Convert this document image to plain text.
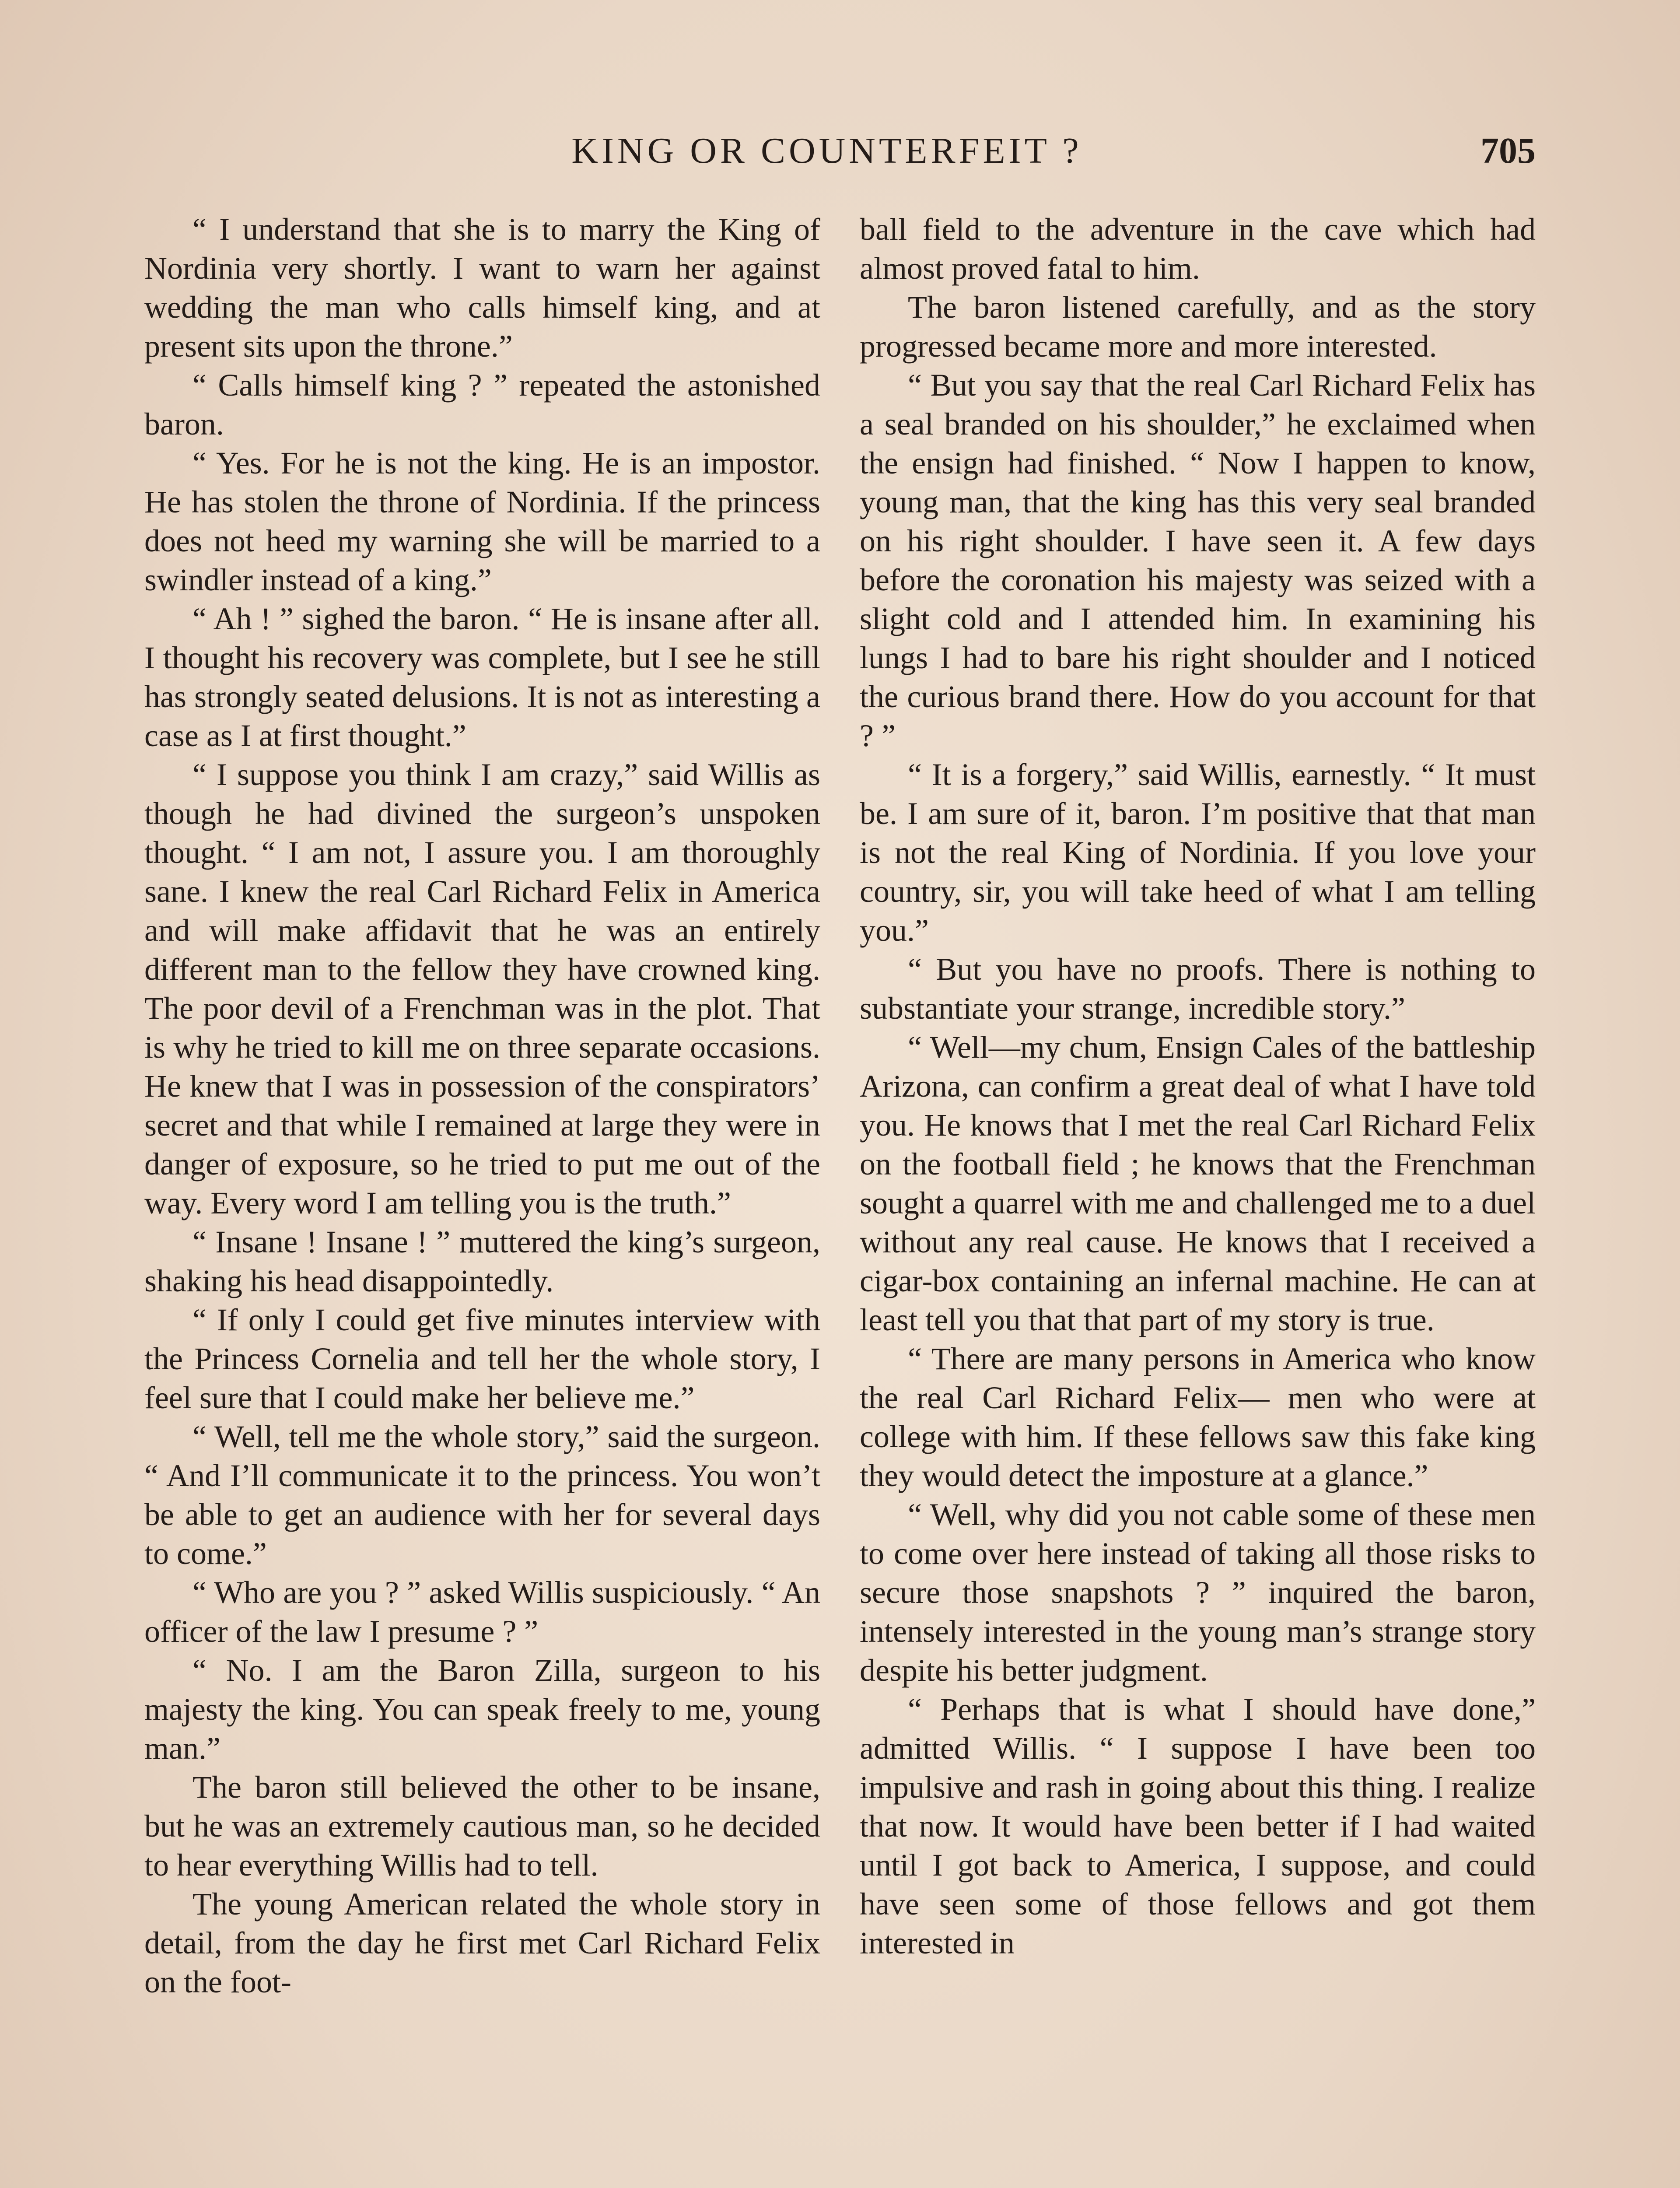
KING OR COUNTERFEIT ?	705

“ I understand that she is to marry the King of Nordinia very shortly. I want to warn her against wedding the man who calls himself king, and at present sits upon the throne.”

“ Calls himself king ? ” repeated the astonished baron.

“ Yes. For he is not the king. He is an impostor. He has stolen the throne of Nordinia. If the princess does not heed my warning she will be married to a swindler instead of a king.”

“ Ah ! ” sighed the baron. “ He is insane after all. I thought his recovery was complete, but I see he still has strongly seated delusions. It is not as interesting a case as I at first thought.”

“ I suppose you think I am crazy,” said Willis as though he had divined the surgeon’s unspoken thought. “ I am not, I assure you. I am thoroughly sane. I knew the real Carl Richard Felix in America and will make affidavit that he was an entirely different man to the fellow they have crowned king. The poor devil of a Frenchman was in the plot. That is why he tried to kill me on three separate occasions. He knew that I was in possession of the conspirators’ secret and that while I remained at large they were in danger of exposure, so he tried to put me out of the way. Every word I am telling you is the truth.”

“ Insane ! Insane ! ” muttered the king’s surgeon, shaking his head disappointedly.

“ If only I could get five minutes interview with the Princess Cornelia and tell her the whole story, I feel sure that I could make her believe me.”

“ Well, tell me the whole story,” said the surgeon. “ And I’ll communicate it to the princess. You won’t be able to get an audience with her for several days to come.”

“ Who are you ? ” asked Willis suspiciously. “ An officer of the law I presume ? ”

“ No. I am the Baron Zilla, surgeon to his majesty the king. You can speak freely to me, young man.”

The baron still believed the other to be insane, but he was an extremely cautious man, so he decided to hear everything Willis had to tell.

The young American related the whole story in detail, from the day he first met Carl Richard Felix on the foot-

ball field to the adventure in the cave which had almost proved fatal to him.

The baron listened carefully, and as the story progressed became more and more interested.

“ But you say that the real Carl Richard Felix has a seal branded on his shoulder,” he exclaimed when the ensign had finished. “ Now I happen to know, young man, that the king has this very seal branded on his right shoulder. I have seen it. A few days before the coronation his majesty was seized with a slight cold and I attended him. In examining his lungs I had to bare his right shoulder and I noticed the curious brand there. How do you account for that ? ”

“ It is a forgery,” said Willis, earnestly. “ It must be. I am sure of it, baron. I’m positive that that man is not the real King of Nordinia. If you love your country, sir, you will take heed of what I am telling you.”

“ But you have no proofs. There is nothing to substantiate your strange, incredible story.”

“ Well—my chum, Ensign Cales of the battleship Arizona, can confirm a great deal of what I have told you. He knows that I met the real Carl Richard Felix on the football field ; he knows that the Frenchman sought a quarrel with me and challenged me to a duel without any real cause. He knows that I received a cigar-box containing an infernal machine. He can at least tell you that that part of my story is true.

“ There are many persons in America who know the real Carl Richard Felix— men who were at college with him. If these fellows saw this fake king they would detect the imposture at a glance.”

“ Well, why did you not cable some of these men to come over here instead of taking all those risks to secure those snapshots ? ” inquired the baron, intensely interested in the young man’s strange story despite his better judgment.

“ Perhaps that is what I should have done,” admitted Willis. “ I suppose I have been too impulsive and rash in going about this thing. I realize that now. It would have been better if I had waited until I got back to America, I suppose, and could have seen some of those fellows and got them interested in
